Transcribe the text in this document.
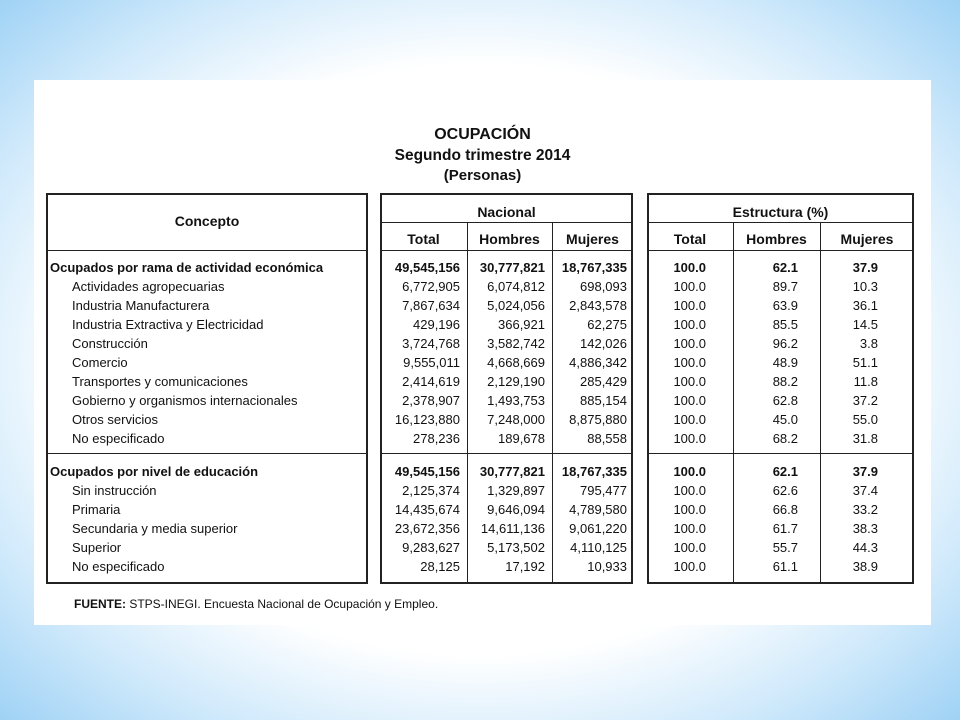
OCUPACIÓN
Segundo trimestre 2014
(Personas)
Concepto
Nacional
Total	Hombres	Mujeres
Estructura (%)
Total	Hombres	Mujeres
Ocupados por rama de actividad económica	49,545,156	30,777,821	18,767,335	100.0	62.1	37.9
Actividades agropecuarias	6,772,905	6,074,812	698,093	100.0	89.7	10.3
Industria Manufacturera	7,867,634	5,024,056	2,843,578	100.0	63.9	36.1
Industria Extractiva y Electricidad	429,196	366,921	62,275	100.0	85.5	14.5
Construcción	3,724,768	3,582,742	142,026	100.0	96.2	3.8
Comercio	9,555,011	4,668,669	4,886,342	100.0	48.9	51.1
Transportes y comunicaciones	2,414,619	2,129,190	285,429	100.0	88.2	11.8
Gobierno y organismos internacionales	2,378,907	1,493,753	885,154	100.0	62.8	37.2
Otros servicios	16,123,880	7,248,000	8,875,880	100.0	45.0	55.0
No especificado	278,236	189,678	88,558	100.0	68.2	31.8
Ocupados por nivel de educación	49,545,156	30,777,821	18,767,335	100.0	62.1	37.9
Sin instrucción	2,125,374	1,329,897	795,477	100.0	62.6	37.4
Primaria	14,435,674	9,646,094	4,789,580	100.0	66.8	33.2
Secundaria y media superior	23,672,356	14,611,136	9,061,220	100.0	61.7	38.3
Superior	9,283,627	5,173,502	4,110,125	100.0	55.7	44.3
No especificado	28,125	17,192	10,933	100.0	61.1	38.9
FUENTE: STPS-INEGI. Encuesta Nacional de Ocupación y Empleo.
